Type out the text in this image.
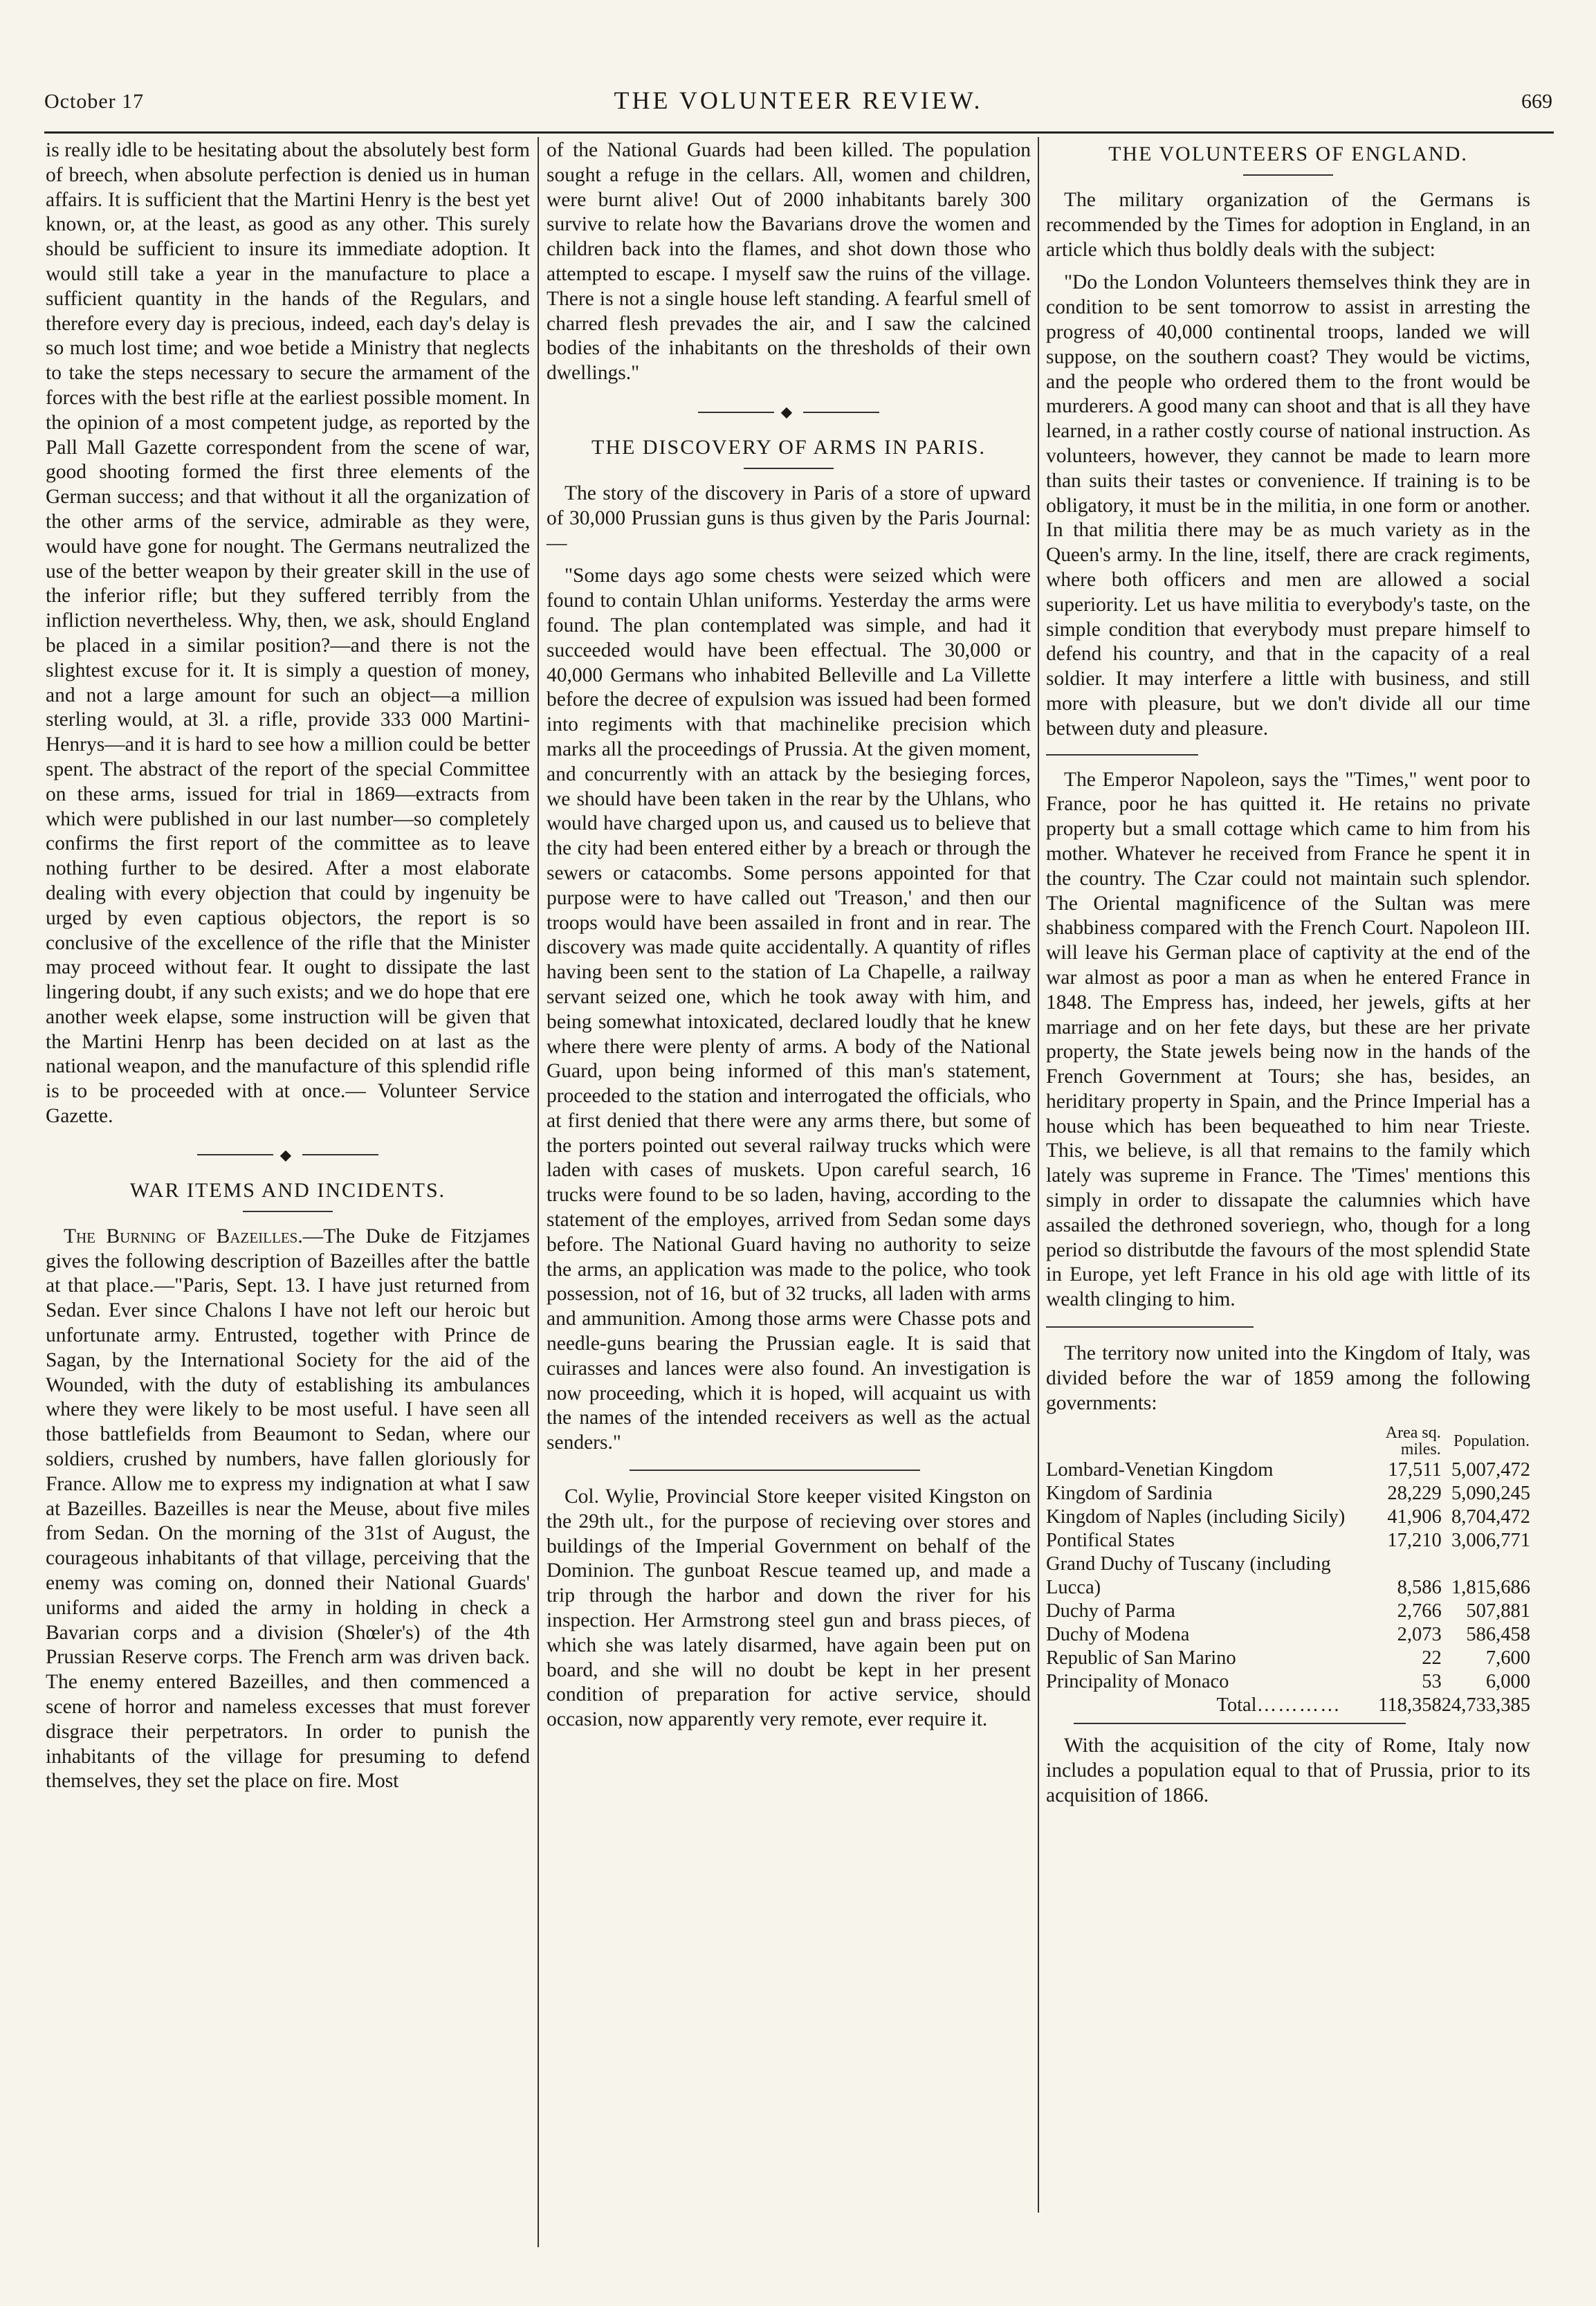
October 17	THE VOLUNTEER REVIEW.	669

is really idle to be hesitating about the absolutely best form of breech, when absolute perfection is denied us in human affairs. It is sufficient that the Martini Henry is the best yet known, or, at the least, as good as any other. This surely should be sufficient to insure its immediate adoption. It would still take a year in the manufacture to place a sufficient quantity in the hands of the Regulars, and therefore every day is precious, indeed, each day's delay is so much lost time; and woe betide a Ministry that neglects to take the steps necessary to secure the armament of the forces with the best rifle at the earliest possible moment. In the opinion of a most competent judge, as reported by the Pall Mall Gazette correspondent from the scene of war, good shooting formed the first three elements of the German success; and that without it all the organization of the other arms of the service, admirable as they were, would have gone for nought. The Germans neutralized the use of the better weapon by their greater skill in the use of the inferior rifle; but they suffered terribly from the infliction nevertheless. Why, then, we ask, should England be placed in a similar position?—and there is not the slightest excuse for it. It is simply a question of money, and not a large amount for such an object—a million sterling would, at 3l. a rifle, provide 333 000 Martini-Henrys—and it is hard to see how a million could be better spent. The abstract of the report of the special Committee on these arms, issued for trial in 1869—extracts from which were published in our last number—so completely confirms the first report of the committee as to leave nothing further to be desired. After a most elaborate dealing with every objection that could by ingenuity be urged by even captious objectors, the report is so conclusive of the excellence of the rifle that the Minister may proceed without fear. It ought to dissipate the last lingering doubt, if any such exists; and we do hope that ere another week elapse, some instruction will be given that the Martini Henrp has been decided on at last as the national weapon, and the manufacture of this splendid rifle is to be proceeded with at once.— Volunteer Service Gazette.

◆
WAR ITEMS AND INCIDENTS.

The Burning of Bazeilles.—The Duke de Fitzjames gives the following description of Bazeilles after the battle at that place.—"Paris, Sept. 13. I have just returned from Sedan. Ever since Chalons I have not left our heroic but unfortunate army. Entrusted, together with Prince de Sagan, by the International Society for the aid of the Wounded, with the duty of establishing its ambulances where they were likely to be most useful. I have seen all those battlefields from Beaumont to Sedan, where our soldiers, crushed by numbers, have fallen gloriously for France. Allow me to express my indignation at what I saw at Bazeilles. Bazeilles is near the Meuse, about five miles from Sedan. On the morning of the 31st of August, the courageous inhabitants of that village, perceiving that the enemy was coming on, donned their National Guards' uniforms and aided the army in holding in check a Bavarian corps and a division (Shœler's) of the 4th Prussian Reserve corps. The French arm was driven back. The enemy entered Bazeilles, and then commenced a scene of horror and nameless excesses that must forever disgrace their perpetrators. In order to punish the inhabitants of the village for presuming to defend themselves, they set the place on fire. Most

of the National Guards had been killed. The population sought a refuge in the cellars. All, women and children, were burnt alive! Out of 2000 inhabitants barely 300 survive to relate how the Bavarians drove the women and children back into the flames, and shot down those who attempted to escape. I myself saw the ruins of the village. There is not a single house left standing. A fearful smell of charred flesh prevades the air, and I saw the calcined bodies of the inhabitants on the thresholds of their own dwellings."

◆
THE DISCOVERY OF ARMS IN PARIS.

The story of the discovery in Paris of a store of upward of 30,000 Prussian guns is thus given by the Paris Journal:—

"Some days ago some chests were seized which were found to contain Uhlan uniforms. Yesterday the arms were found. The plan contemplated was simple, and had it succeeded would have been effectual. The 30,000 or 40,000 Germans who inhabited Belleville and La Villette before the decree of expulsion was issued had been formed into regiments with that machinelike precision which marks all the proceedings of Prussia. At the given moment, and concurrently with an attack by the besieging forces, we should have been taken in the rear by the Uhlans, who would have charged upon us, and caused us to believe that the city had been entered either by a breach or through the sewers or catacombs. Some persons appointed for that purpose were to have called out 'Treason,' and then our troops would have been assailed in front and in rear. The discovery was made quite accidentally. A quantity of rifles having been sent to the station of La Chapelle, a railway servant seized one, which he took away with him, and being somewhat intoxicated, declared loudly that he knew where there were plenty of arms. A body of the National Guard, upon being informed of this man's statement, proceeded to the station and interrogated the officials, who at first denied that there were any arms there, but some of the porters pointed out several railway trucks which were laden with cases of muskets. Upon careful search, 16 trucks were found to be so laden, having, according to the statement of the employes, arrived from Sedan some days before. The National Guard having no authority to seize the arms, an application was made to the police, who took possession, not of 16, but of 32 trucks, all laden with arms and ammunition. Among those arms were Chasse pots and needle-guns bearing the Prussian eagle. It is said that cuirasses and lances were also found. An investigation is now proceeding, which it is hoped, will acquaint us with the names of the intended receivers as well as the actual senders."

Col. Wylie, Provincial Store keeper visited Kingston on the 29th ult., for the purpose of recieving over stores and buildings of the Imperial Government on behalf of the Dominion. The gunboat Rescue teamed up, and made a trip through the harbor and down the river for his inspection. Her Armstrong steel gun and brass pieces, of which she was lately disarmed, have again been put on board, and she will no doubt be kept in her present condition of preparation for active service, should occasion, now apparently very remote, ever require it.

THE VOLUNTEERS OF ENGLAND.

The military organization of the Germans is recommended by the Times for adoption in England, in an article which thus boldly deals with the subject:

"Do the London Volunteers themselves think they are in condition to be sent tomorrow to assist in arresting the progress of 40,000 continental troops, landed we will suppose, on the southern coast? They would be victims, and the people who ordered them to the front would be murderers. A good many can shoot and that is all they have learned, in a rather costly course of national instruction. As volunteers, however, they cannot be made to learn more than suits their tastes or convenience. If training is to be obligatory, it must be in the militia, in one form or another. In that militia there may be as much variety as in the Queen's army. In the line, itself, there are crack regiments, where both officers and men are allowed a social superiority. Let us have militia to everybody's taste, on the simple condition that everybody must prepare himself to defend his country, and that in the capacity of a real soldier. It may interfere a little with business, and still more with pleasure, but we don't divide all our time between duty and pleasure.

The Emperor Napoleon, says the "Times," went poor to France, poor he has quitted it. He retains no private property but a small cottage which came to him from his mother. Whatever he received from France he spent it in the country. The Czar could not maintain such splendor. The Oriental magnificence of the Sultan was mere shabbiness compared with the French Court. Napoleon III. will leave his German place of captivity at the end of the war almost as poor a man as when he entered France in 1848. The Empress has, indeed, her jewels, gifts at her marriage and on her fete days, but these are her private property, the State jewels being now in the hands of the French Government at Tours; she has, besides, an heriditary property in Spain, and the Prince Imperial has a house which has been bequeathed to him near Trieste. This, we believe, is all that remains to the family which lately was supreme in France. The 'Times' mentions this simply in order to dissapate the calumnies which have assailed the dethroned soveriegn, who, though for a long period so distributde the favours of the most splendid State in Europe, yet left France in his old age with little of its wealth clinging to him.

The territory now united into the Kingdom of Italy, was divided before the war of 1859 among the following governments:

	Area sq. miles.	Population.
Lombard-Venetian Kingdom	17,511	5,007,472
Kingdom of Sardinia	28,229	5,090,245
Kingdom of Naples (including Sicily)	41,906	8,704,472
Pontifical States	17,210	3,006,771
Grand Duchy of Tuscany (including Lucca)	8,586	1,815,686
Duchy of Parma	2,766	507,881
Duchy of Modena	2,073	586,458
Republic of San Marino	22	7,600
Principality of Monaco	53	6,000
Total…………	118,358	24,733,385

With the acquisition of the city of Rome, Italy now includes a population equal to that of Prussia, prior to its acquisition of 1866.
